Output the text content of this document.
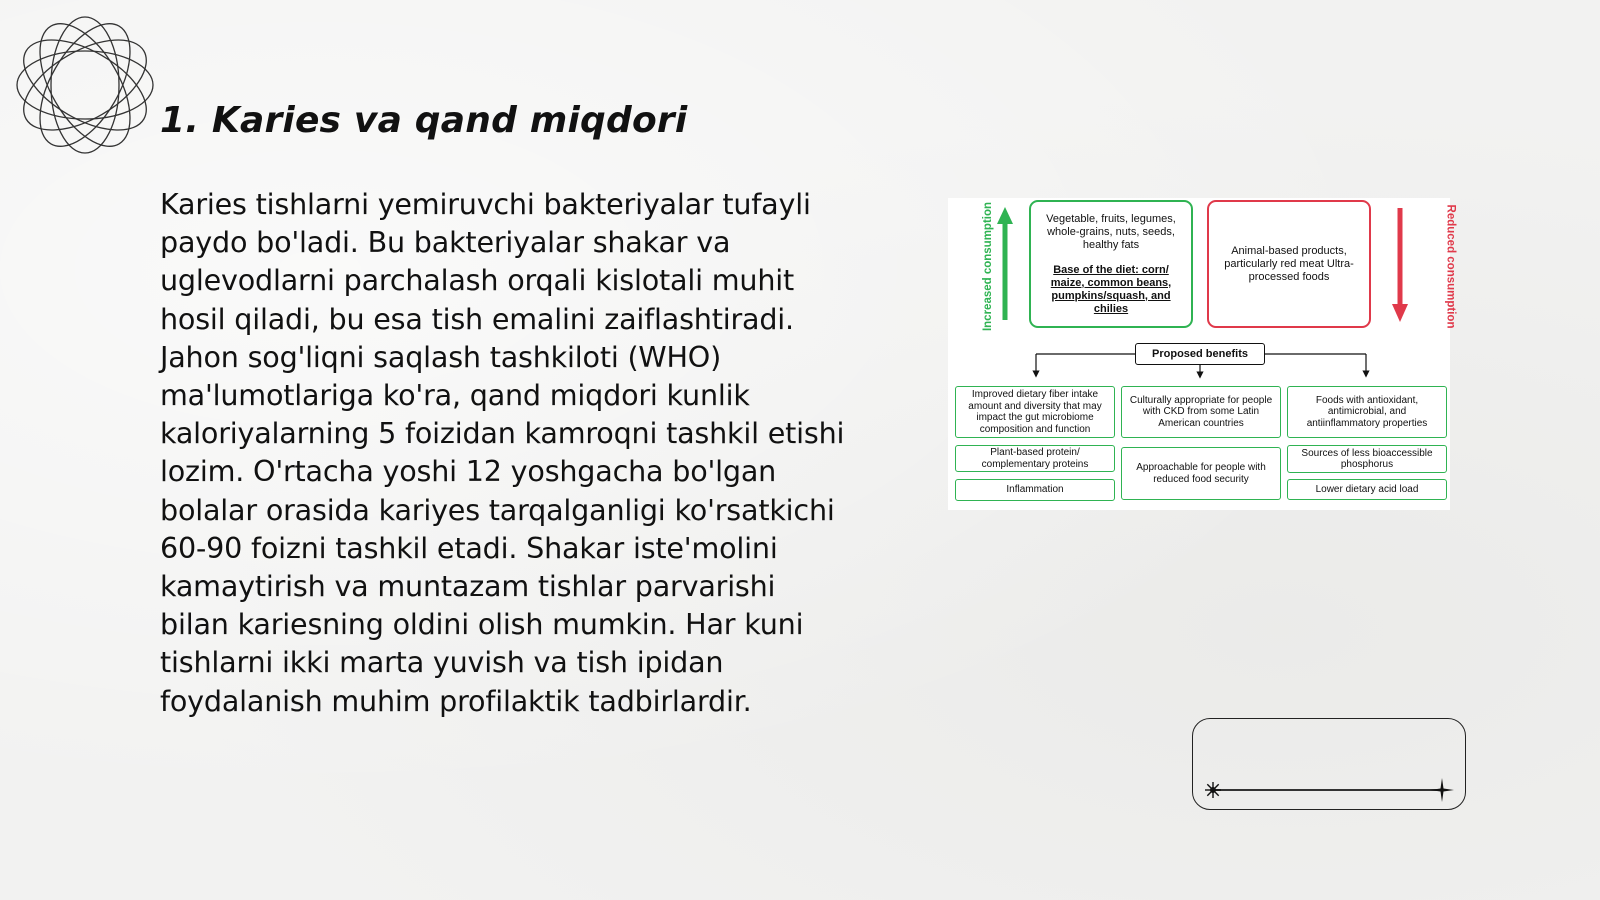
1. Karies va qand miqdori

Karies tishlarni yemiruvchi bakteriyalar tufayli paydo bo'ladi. Bu bakteriyalar shakar va uglevodlarni parchalash orqali kislotali muhit hosil qiladi, bu esa tish emalini zaiflashtiradi. Jahon sog'liqni saqlash tashkiloti (WHO) ma'lumotlariga ko'ra, qand miqdori kunlik kaloriyalarning 5 foizidan kamroqni tashkil etishi lozim. O'rtacha yoshi 12 yoshgacha bo'lgan bolalar orasida kariyes tarqalganligi ko'rsatkichi 60-90 foizni tashkil etadi. Shakar iste'molini kamaytirish va muntazam tishlar parvarishi bilan kariesning oldini olish mumkin. Har kuni tishlarni ikki marta yuvish va tish ipidan foydalanish muhim profilaktik tadbirlardir.

Increased consumption	Reduced consumption
Vegetable, fruits, legumes, whole-grains, nuts, seeds, healthy fats
Base of the diet: corn/ maize, common beans, pumpkins/squash, and chilies
Animal-based products, particularly red meat Ultra-processed foods
Proposed benefits
Improved dietary fiber intake amount and diversity that may impact the gut microbiome composition and function
Plant-based protein/ complementary proteins
Inflammation
Culturally appropriate for people with CKD from some Latin American countries
Approachable for people with reduced food security
Foods with antioxidant, antimicrobial, and antiinflammatory properties
Sources of less bioaccessible phosphorus
Lower dietary acid load
